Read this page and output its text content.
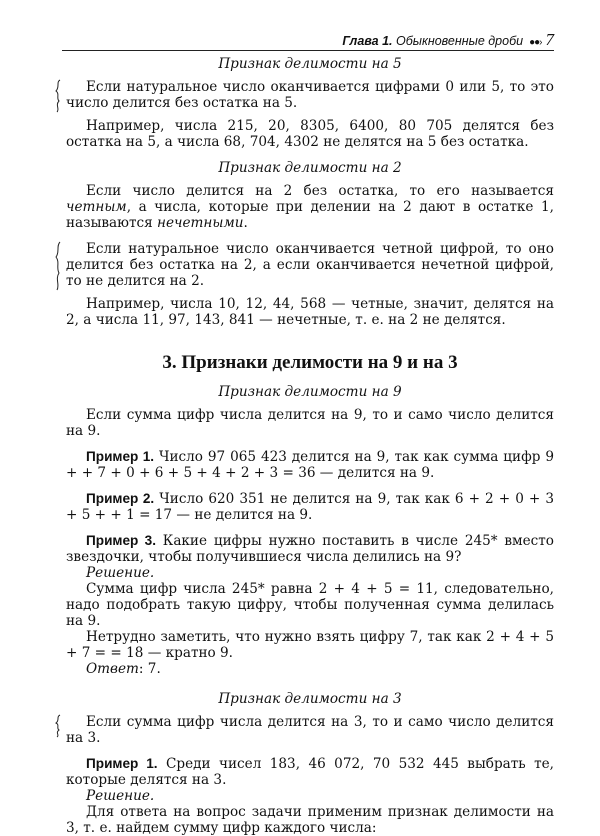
Глава 1. Обыкновенные дроби ●●› 7

Признак делимости на 5

Если натуральное число оканчивается цифрами 0 или 5, то это число делится без остатка на 5.

Например, числа 215, 20, 8305, 6400, 80 705 делятся без остатка на 5, а числа 68, 704, 4302 не делятся на 5 без остатка.

Признак делимости на 2

Если число делится на 2 без остатка, то его называется четным, а числа, которые при делении на 2 дают в остатке 1, называются нечетными.

Если натуральное число оканчивается четной цифрой, то оно делится без остатка на 2, а если оканчивается нечетной цифрой, то не делится на 2.

Например, числа 10, 12, 44, 568 — четные, значит, делятся на 2, а числа 11, 97, 143, 841 — нечетные, т. е. на 2 не делятся.

3. Признаки делимости на 9 и на 3

Признак делимости на 9

Если сумма цифр числа делится на 9, то и само число делится на 9.

Пример 1. Число 97 065 423 делится на 9, так как сумма цифр 9 + + 7 + 0 + 6 + 5 + 4 + 2 + 3 = 36 — делится на 9.

Пример 2. Число 620 351 не делится на 9, так как 6 + 2 + 0 + 3 + 5 + + 1 = 17 — не делится на 9.

Пример 3. Какие цифры нужно поставить в числе 245* вместо звездочки, чтобы получившиеся числа делились на 9?

Решение.

Сумма цифр числа 245* равна 2 + 4 + 5 = 11, следовательно, надо подобрать такую цифру, чтобы полученная сумма делилась на 9.

Нетрудно заметить, что нужно взять цифру 7, так как 2 + 4 + 5 + 7 = = 18 — кратно 9.

Ответ: 7.

Признак делимости на 3

Если сумма цифр числа делится на 3, то и само число делится на 3.

Пример 1. Среди чисел 183, 46 072, 70 532 445 выбрать те, которые делятся на 3.

Решение.

Для ответа на вопрос задачи применим признак делимости на 3, т. е. найдем сумму цифр каждого числа:
